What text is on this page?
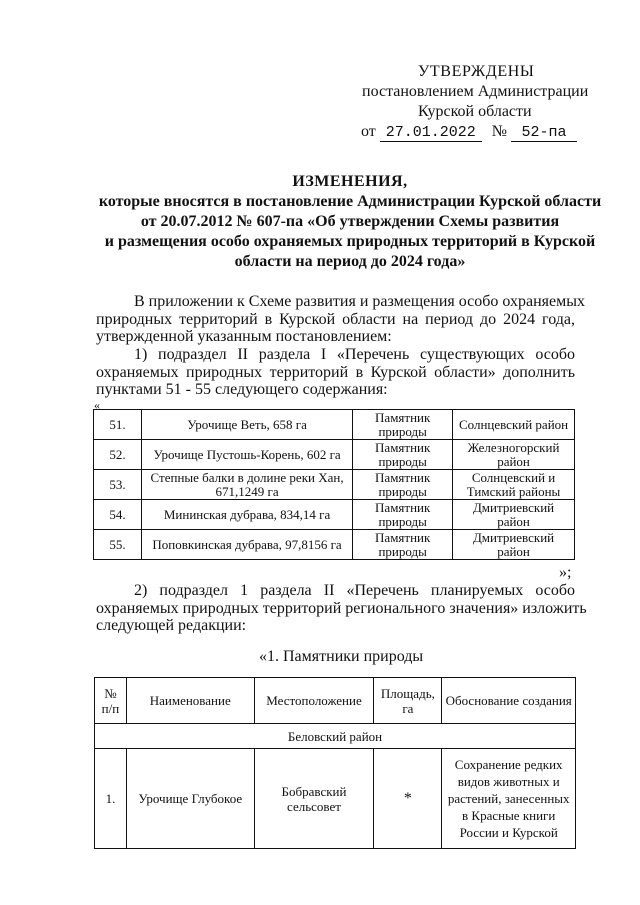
УТВЕРЖДЕНЫ
постановлением Администрации
Курской области
от 27.01.2022	№ 52-па
ИЗМЕНЕНИЯ,
которые вносятся в постановление Администрации Курской области
от 20.07.2012 № 607-па «Об утверждении Схемы развития
и размещения особо охраняемых природных территорий в Курской
области на период до 2024 года»
В приложении к Схеме развития и размещения особо охраняемых
природных территорий в Курской области на период до 2024 года,
утвержденной указанным постановлением:
1) подраздел II раздела I «Перечень существующих особо
охраняемых природных территорий в Курской области» дополнить
пунктами 51 - 55 следующего содержания:
«
51.	Урочище Веть, 658 га	Памятник природы	Солнцевский район
52.	Урочище Пустошь-Корень, 602 га	Памятник природы	Железногорский район
53.	Степные балки в долине реки Хан, 671,1249 га	Памятник природы	Солнцевский и Тимский районы
54.	Мининская дубрава, 834,14 га	Памятник природы	Дмитриевский район
55.	Поповкинская дубрава, 97,8156 га	Памятник природы	Дмитриевский район
»;
2) подраздел 1 раздела II «Перечень планируемых особо
охраняемых природных территорий регионального значения» изложить
следующей редакции:
«1. Памятники природы
№ п/п	Наименование	Местоположение	Площадь, га	Обоснование создания
Беловский район				
1.	Урочище Глубокое	Бобравский сельсовет	*	Сохранение редких видов животных и растений, занесенных в Красные книги России и Курской
